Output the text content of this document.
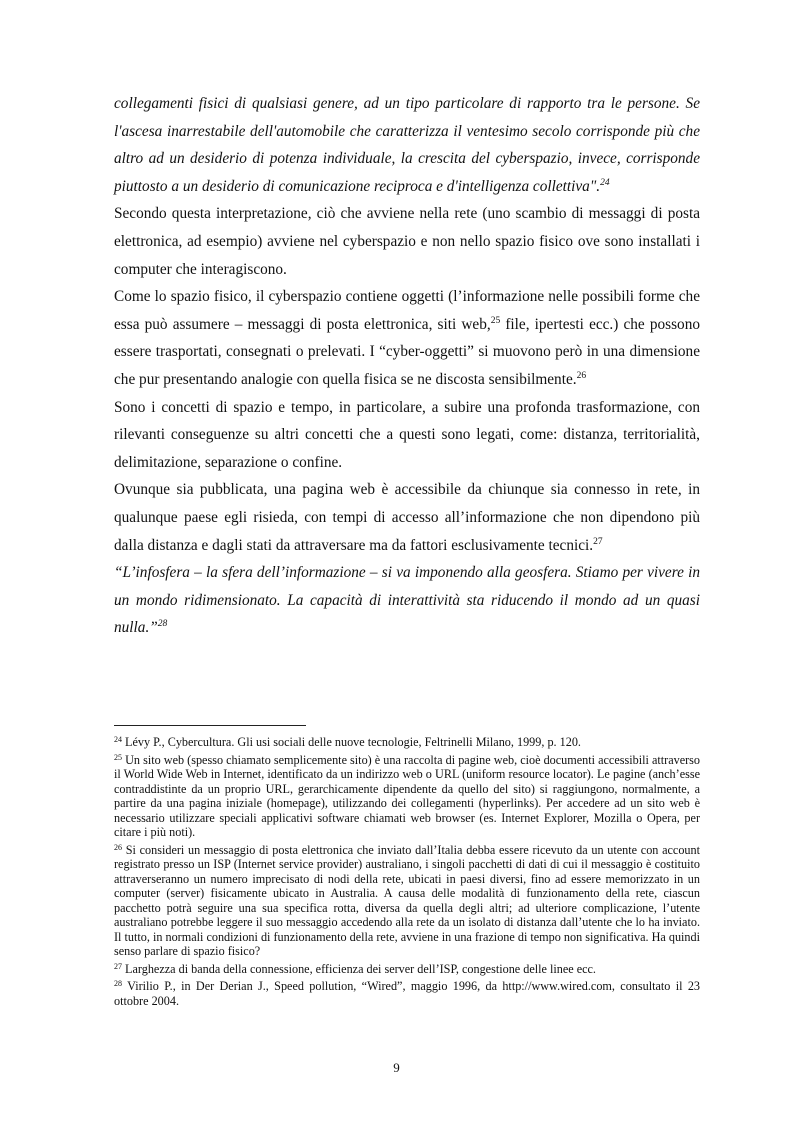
collegamenti fisici di qualsiasi genere, ad un tipo particolare di rapporto tra le persone. Se l'ascesa inarrestabile dell'automobile che caratterizza il ventesimo secolo corrisponde più che altro ad un desiderio di potenza individuale, la crescita del cyberspazio, invece, corrisponde piuttosto a un desiderio di comunicazione reciproca e d'intelligenza collettiva".$^{24}$

Secondo questa interpretazione, ciò che avviene nella rete (uno scambio di messaggi di posta elettronica, ad esempio) avviene nel cyberspazio e non nello spazio fisico ove sono installati i computer che interagiscono.

Come lo spazio fisico, il cyberspazio contiene oggetti (l’informazione nelle possibili forme che essa può assumere – messaggi di posta elettronica, siti web,$^{25}$ file, ipertesti ecc.) che possono essere trasportati, consegnati o prelevati. I “cyber-oggetti” si muovono però in una dimensione che pur presentando analogie con quella fisica se ne discosta sensibilmente.$^{26}$

Sono i concetti di spazio e tempo, in particolare, a subire una profonda trasformazione, con rilevanti conseguenze su altri concetti che a questi sono legati, come: distanza, territorialità, delimitazione, separazione o confine.

Ovunque sia pubblicata, una pagina web è accessibile da chiunque sia connesso in rete, in qualunque paese egli risieda, con tempi di accesso all’informazione che non dipendono più dalla distanza e dagli stati da attraversare ma da fattori esclusivamente tecnici.$^{27}$

“L’infosfera – la sfera dell’informazione – si va imponendo alla geosfera. Stiamo per vivere in un mondo ridimensionato. La capacità di interattività sta riducendo il mondo ad un quasi nulla.”$^{28}$

$^{24}$ Lévy P., Cybercultura. Gli usi sociali delle nuove tecnologie, Feltrinelli Milano, 1999, p. 120.

$^{25}$ Un sito web (spesso chiamato semplicemente sito) è una raccolta di pagine web, cioè documenti accessibili attraverso il World Wide Web in Internet, identificato da un indirizzo web o URL (uniform resource locator). Le pagine (anch’esse contraddistinte da un proprio URL, gerarchicamente dipendente da quello del sito) si raggiungono, normalmente, a partire da una pagina iniziale (homepage), utilizzando dei collegamenti (hyperlinks). Per accedere ad un sito web è necessario utilizzare speciali applicativi software chiamati web browser (es. Internet Explorer, Mozilla o Opera, per citare i più noti).

$^{26}$ Si consideri un messaggio di posta elettronica che inviato dall’Italia debba essere ricevuto da un utente con account registrato presso un ISP (Internet service provider) australiano, i singoli pacchetti di dati di cui il messaggio è costituito attraverseranno un numero imprecisato di nodi della rete, ubicati in paesi diversi, fino ad essere memorizzato in un computer (server) fisicamente ubicato in Australia. A causa delle modalità di funzionamento della rete, ciascun pacchetto potrà seguire una sua specifica rotta, diversa da quella degli altri; ad ulteriore complicazione, l’utente australiano potrebbe leggere il suo messaggio accedendo alla rete da un isolato di distanza dall’utente che lo ha inviato. Il tutto, in normali condizioni di funzionamento della rete, avviene in una frazione di tempo non significativa. Ha quindi senso parlare di spazio fisico?

$^{27}$ Larghezza di banda della connessione, efficienza dei server dell’ISP, congestione delle linee ecc.

$^{28}$ Virilio P., in Der Derian J., Speed pollution, “Wired”, maggio 1996, da http://www.wired.com, consultato il 23 ottobre 2004.

9
